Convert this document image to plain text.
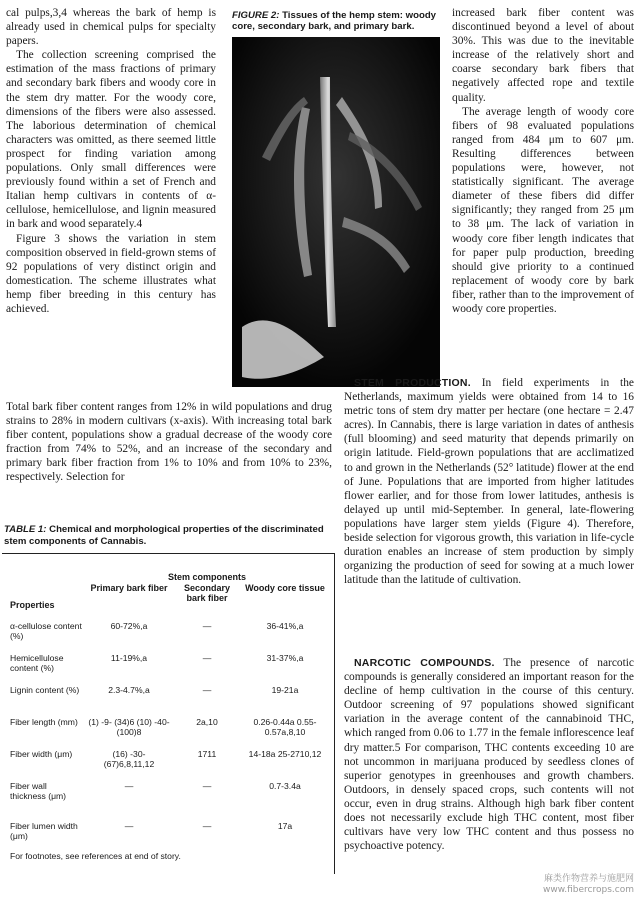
cal pulps,3,4 whereas the bark of hemp is already used in chemical pulps for specialty papers.

The collection screening comprised the estimation of the mass fractions of primary and secondary bark fibers and woody core in the stem dry matter. For the woody core, dimensions of the fibers were also assessed. The laborious determination of chemical characters was omitted, as there seemed little prospect for finding variation among populations. Only small differences were previously found within a set of French and Italian hemp cultivars in contents of α-cellulose, hemicellulose, and lignin measured in bark and wood separately.4

Figure 3 shows the variation in stem composition observed in field-grown stems of 92 populations of very distinct origin and domestication. The scheme illustrates what hemp fiber breeding in this century has achieved.

Total bark fiber content ranges from 12% in wild populations and drug strains to 28% in modern cultivars (x-axis). With increasing total bark fiber content, populations show a gradual decrease of the woody core fraction from 74% to 52%, and an increase of the secondary and primary bark fiber fraction from 1% to 10% and from 10% to 23%, respectively. Selection for

FIGURE 2: Tissues of the hemp stem: woody core, secondary bark, and primary bark.

increased bark fiber content was discontinued beyond a level of about 30%. This was due to the inevitable increase of the relatively short and coarse secondary bark fibers that negatively affected rope and textile quality.

The average length of woody core fibers of 98 evaluated populations ranged from 484 μm to 607 μm. Resulting differences between populations were, however, not statistically significant. The average diameter of these fibers did differ significantly; they ranged from 25 μm to 38 μm. The lack of variation in woody core fiber length indicates that for paper pulp production, breeding should give priority to a continued replacement of woody core by bark fiber, rather than to the improvement of woody core properties.

STEM PRODUCTION. In field experiments in the Netherlands, maximum yields were obtained from 14 to 16 metric tons of stem dry matter per hectare (one hectare = 2.47 acres). In Cannabis, there is large variation in dates of anthesis (full blooming) and seed maturity that depends primarily on origin latitude. Field-grown populations that are acclimatized to and grown in the Netherlands (52° latitude) flower at the end of June. Populations that are imported from higher latitudes flower earlier, and for those from lower latitudes, anthesis is delayed up until mid-September. In general, late-flowering populations have larger stem yields (Figure 4). Therefore, beside selection for vigorous growth, this variation in life-cycle duration enables an increase of stem production by simply organizing the production of seed for sowing at a much lower latitude than the latitude of cultivation.

NARCOTIC COMPOUNDS. The presence of narcotic compounds is generally considered an important reason for the decline of hemp cultivation in the course of this century. Outdoor screening of 97 populations showed significant variation in the average content of the cannabinoid THC, which ranged from 0.06 to 1.77 in the female inflorescence leaf dry matter.5 For comparison, THC contents exceeding 10 are not uncommon in marijuana produced by seedless clones of superior genotypes in greenhouses and growth chambers. Outdoors, in densely spaced crops, such contents will not occur, even in drug strains. Although high bark fiber content does not necessarily exclude high THC content, most fiber cultivars have very low THC content and thus possess no psychoactive potency.

TABLE 1: Chemical and morphological properties of the discriminated stem components of Cannabis.
	Stem components		
Properties	Primary bark fiber	Secondary bark fiber	Woody core tissue

α-cellulose content (%)	60-72%,a	—	36-41%,a
Hemicellulose content (%)	11-19%,a	—	31-37%,a
Lignin content (%)	2.3-4.7%,a	—	19-21a
Fiber length (mm)	(1) -9- (34)6 (10) -40- (100)8	2a,10	0.26-0.44a 0.55-0.57a,8,10
Fiber width (μm)	(16) -30- (67)6,8,11,12	1711	14-18a 25-2710,12
Fiber wall thickness (μm)	—	—	0.7-3.4a
Fiber lumen width (μm)	—	—	17a
For footnotes, see references at end of story.
麻类作物营养与施肥网
www.fibercrops.com
